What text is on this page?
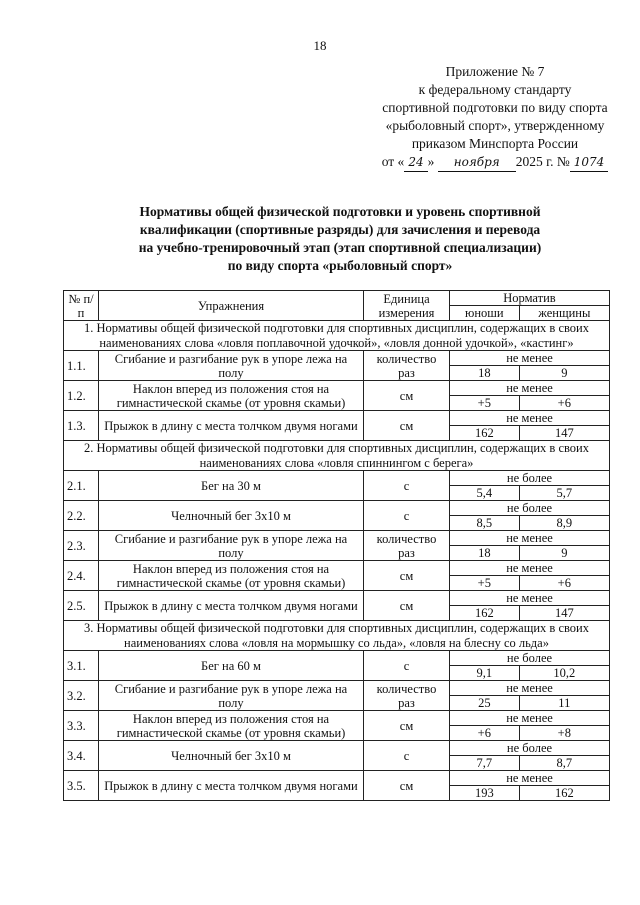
18
Приложение № 7
к федеральному стандарту
спортивной подготовки по виду спорта
«рыболовный спорт», утвержденному
приказом Минспорта России
от « 24 » ноября 2025 г. № 1074
Нормативы общей физической подготовки и уровень спортивной
квалификации (спортивные разряды) для зачисления и перевода
на учебно-тренировочный этап (этап спортивной специализации)
по виду спорта «рыболовный спорт»
№ п/п	Упражнения	Единица измерения	Норматив	
			юноши	женщины
1. Нормативы общей физической подготовки для спортивных дисциплин, содержащих в своих наименованиях слова «ловля поплавочной удочкой», «ловля донной удочкой», «кастинг»				
1.1.	Сгибание и разгибание рук в упоре лежа на полу	количество раз	не менее	
			18	9
1.2.	Наклон вперед из положения стоя на гимнастической скамье (от уровня скамьи)	см	не менее	
			+5	+6
1.3.	Прыжок в длину с места толчком двумя ногами	см	не менее	
			162	147
2. Нормативы общей физической подготовки для спортивных дисциплин, содержащих в своих наименованиях слова «ловля спиннингом с берега»				
2.1.	Бег на 30 м	с	не более	
			5,4	5,7
2.2.	Челночный бег 3х10 м	с	не более	
			8,5	8,9
2.3.	Сгибание и разгибание рук в упоре лежа на полу	количество раз	не менее	
			18	9
2.4.	Наклон вперед из положения стоя на гимнастической скамье (от уровня скамьи)	см	не менее	
			+5	+6
2.5.	Прыжок в длину с места толчком двумя ногами	см	не менее	
			162	147
3. Нормативы общей физической подготовки для спортивных дисциплин, содержащих в своих наименованиях слова «ловля на мормышку со льда», «ловля на блесну со льда»				
3.1.	Бег на 60 м	с	не более	
			9,1	10,2
3.2.	Сгибание и разгибание рук в упоре лежа на полу	количество раз	не менее	
			25	11
3.3.	Наклон вперед из положения стоя на гимнастической скамье (от уровня скамьи)	см	не менее	
			+6	+8
3.4.	Челночный бег 3х10 м	с	не более	
			7,7	8,7
3.5.	Прыжок в длину с места толчком двумя ногами	см	не менее	
			193	162
